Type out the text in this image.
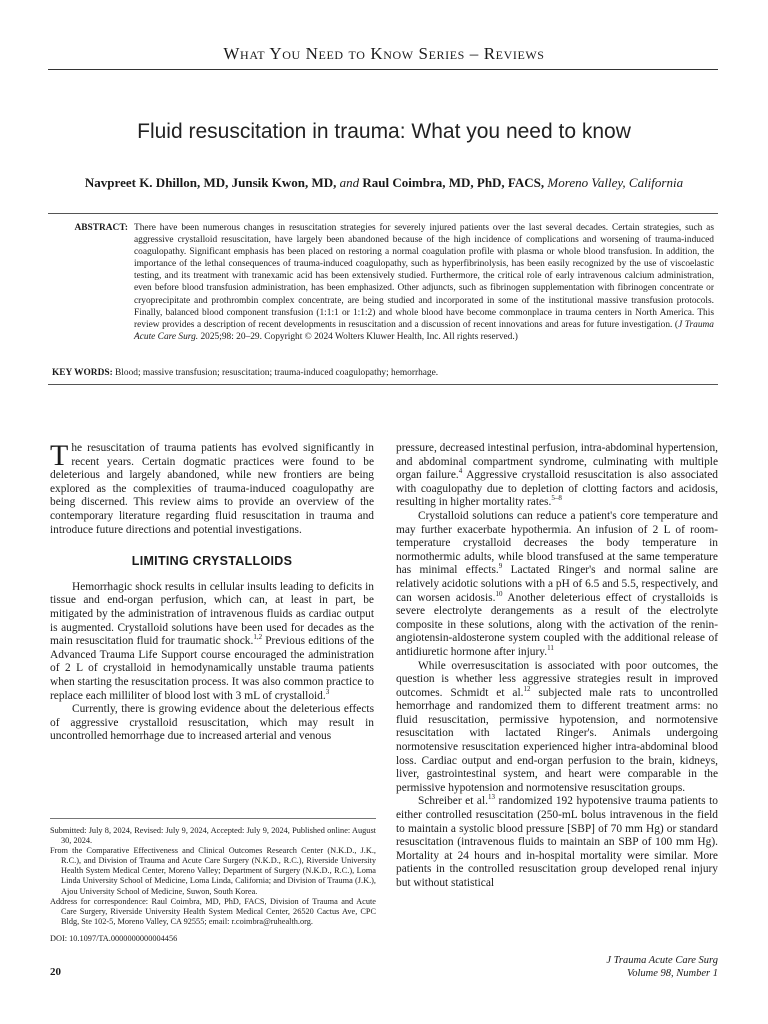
What You Need to Know Series – Reviews
Fluid resuscitation in trauma: What you need to know
Navpreet K. Dhillon, MD, Junsik Kwon, MD, and Raul Coimbra, MD, PhD, FACS, Moreno Valley, California
ABSTRACT: There have been numerous changes in resuscitation strategies for severely injured patients over the last several decades. Certain strategies, such as aggressive crystalloid resuscitation, have largely been abandoned because of the high incidence of complications and worsening of trauma-induced coagulopathy. Significant emphasis has been placed on restoring a normal coagulation profile with plasma or whole blood transfusion. In addition, the importance of the lethal consequences of trauma-induced coagulopathy, such as hyperfibrinolysis, has been easily recognized by the use of viscoelastic testing, and its treatment with tranexamic acid has been extensively studied. Furthermore, the critical role of early intravenous calcium administration, even before blood transfusion administration, has been emphasized. Other adjuncts, such as fibrinogen supplementation with fibrinogen concentrate or cryoprecipitate and prothrombin complex concentrate, are being studied and incorporated in some of the institutional massive transfusion protocols. Finally, balanced blood component transfusion (1:1:1 or 1:1:2) and whole blood have become commonplace in trauma centers in North America. This review provides a description of recent developments in resuscitation and a discussion of recent innovations and areas for future investigation. (J Trauma Acute Care Surg. 2025;98: 20–29. Copyright © 2024 Wolters Kluwer Health, Inc. All rights reserved.)
KEY WORDS: Blood; massive transfusion; resuscitation; trauma-induced coagulopathy; hemorrhage.

The resuscitation of trauma patients has evolved significantly in recent years. Certain dogmatic practices were found to be deleterious and largely abandoned, while new frontiers are being explored as the complexities of trauma-induced coagulopathy are being discerned. This review aims to provide an overview of the contemporary literature regarding fluid resuscitation in trauma and introduce future directions and potential investigations.

LIMITING CRYSTALLOIDS

Hemorrhagic shock results in cellular insults leading to deficits in tissue and end-organ perfusion, which can, at least in part, be mitigated by the administration of intravenous fluids as cardiac output is augmented. Crystalloid solutions have been used for decades as the main resuscitation fluid for traumatic shock.$^{1,2}$ Previous editions of the Advanced Trauma Life Support course encouraged the administration of 2 L of crystalloid in hemodynamically unstable trauma patients when starting the resuscitation process. It was also common practice to replace each milliliter of blood lost with 3 mL of crystalloid.$^3$

Currently, there is growing evidence about the deleterious effects of aggressive crystalloid resuscitation, which may result in uncontrolled hemorrhage due to increased arterial and venous

pressure, decreased intestinal perfusion, intra-abdominal hypertension, and abdominal compartment syndrome, culminating with multiple organ failure.$^4$ Aggressive crystalloid resuscitation is also associated with coagulopathy due to depletion of clotting factors and acidosis, resulting in higher mortality rates.$^{5-8}$

Crystalloid solutions can reduce a patient's core temperature and may further exacerbate hypothermia. An infusion of 2 L of room-temperature crystalloid decreases the body temperature in normothermic adults, while blood transfused at the same temperature has minimal effects.$^9$ Lactated Ringer's and normal saline are relatively acidotic solutions with a pH of 6.5 and 5.5, respectively, and can worsen acidosis.$^{10}$ Another deleterious effect of crystalloids is severe electrolyte derangements as a result of the electrolyte composite in these solutions, along with the activation of the renin-angiotensin-aldosterone system coupled with the additional release of antidiuretic hormone after injury.$^{11}$

While overresuscitation is associated with poor outcomes, the question is whether less aggressive strategies result in improved outcomes. Schmidt et al.$^{12}$ subjected male rats to uncontrolled hemorrhage and randomized them to different treatment arms: no fluid resuscitation, permissive hypotension, and normotensive resuscitation with lactated Ringer's. Animals undergoing normotensive resuscitation experienced higher intra-abdominal blood loss. Cardiac output and end-organ perfusion to the brain, kidneys, liver, gastrointestinal system, and heart were comparable in the permissive hypotension and normotensive resuscitation groups.

Schreiber et al.$^{13}$ randomized 192 hypotensive trauma patients to either controlled resuscitation (250-mL bolus intravenous in the field to maintain a systolic blood pressure [SBP] of 70 mm Hg) or standard resuscitation (intravenous fluids to maintain an SBP of 100 mm Hg). Mortality at 24 hours and in-hospital mortality were similar. More patients in the controlled resuscitation group developed renal injury but without statistical

Submitted: July 8, 2024, Revised: July 9, 2024, Accepted: July 9, 2024, Published online: August 30, 2024.

From the Comparative Effectiveness and Clinical Outcomes Research Center (N.K.D., J.K., R.C.), and Division of Trauma and Acute Care Surgery (N.K.D., R.C.), Riverside University Health System Medical Center, Moreno Valley; Department of Surgery (N.K.D., R.C.), Loma Linda University School of Medicine, Loma Linda, California; and Division of Trauma (J.K.), Ajou University School of Medicine, Suwon, South Korea.

Address for correspondence: Raul Coimbra, MD, PhD, FACS, Division of Trauma and Acute Care Surgery, Riverside University Health System Medical Center, 26520 Cactus Ave, CPC Bldg, Ste 102-5, Moreno Valley, CA 92555; email: r.coimbra@ruhealth.org.

DOI: 10.1097/TA.0000000000004456
20
J Trauma Acute Care Surg
Volume 98, Number 1
